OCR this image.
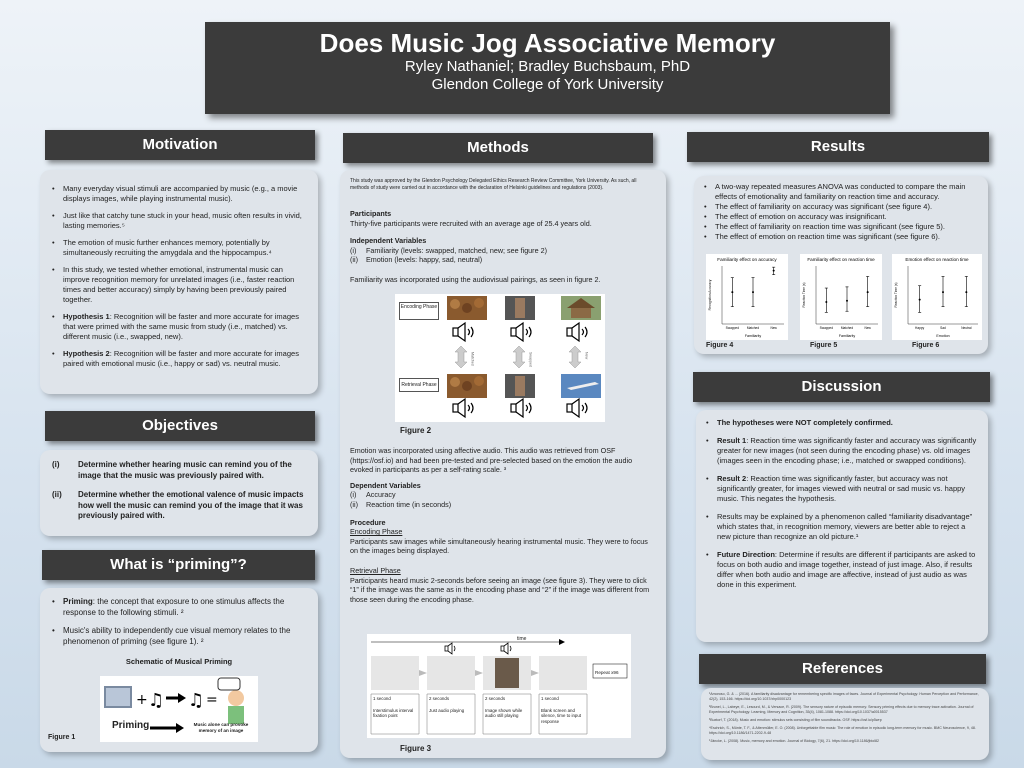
Does Music Jog Associative Memory
Ryley Nathaniel; Bradley Buchsbaum, PhD
Glendon College of York University
Motivation
• Many everyday visual stimuli are accompanied by music (e.g., a movie displays images, while playing instrumental music).
• Just like that catchy tune stuck in your head, music often results in vivid, lasting memories.⁵
• The emotion of music further enhances memory, potentially by simultaneously recruiting the amygdala and the hippocampus.⁴
• In this study, we tested whether emotional, instrumental music can improve recognition memory for unrelated images (i.e., faster reaction times and better accuracy) simply by having been previously paired together.
• Hypothesis 1: Recognition will be faster and more accurate for images that were primed with the same music from study (i.e., matched) vs. different music (i.e., swapped, new).
• Hypothesis 2: Recognition will be faster and more accurate for images paired with emotional music (i.e., happy or sad) vs. neutral music.
Objectives
(i)	Determine whether hearing music can remind you of the image that the music was previously paired with.
(ii)	Determine whether the emotional valence of music impacts how well the music can remind you of the image that it was previously paired with.
What is “priming”?
• Priming: the concept that exposure to one stimulus affects the response to the following stimuli. ²
• Music's ability to independently cue visual memory relates to the phenomenon of priming (see figure 1). ²
Schematic of Musical Priming
+ ♫ ♫ =
Priming	Music alone can provoke memory of an image
Figure 1
Methods

This study was approved by the Glendon Psychology Delegated Ethics Research Review Committee, York University. As such, all methods of study were carried out in accordance with the declaration of Helsinki guidelines and regulations (2003).

Participants

Thirty-five participants were recruited with an average age of 25.4 years old.

Independent Variables

(i)	Familiarity (levels: swapped, matched, new; see figure 2)
(ii)	Emotion (levels: happy, sad, neutral)

Familiarity was incorporated using the audiovisual pairings, as seen in figure 2.

Encoding Phase
Retrieval Phase
Matched	Swapped	New
Figure 2

Emotion was incorporated using affective audio. This audio was retrieved from OSF (https://osf.io) and had been pre-tested and pre-selected based on the emotion the audio evoked in participants as per a self-rating scale. ³

Dependent Variables
(i)	Accuracy
(ii)	Reaction time (in seconds)
Procedure
Encoding Phase

Participants saw images while simultaneously hearing instrumental music. They were to focus on the images being displayed.

Retrieval Phase

Participants heard music 2-seconds before seeing an image (see figure 3). They were to click “1” if the image was the same as in the encoding phase and “2” if the image was different from those seen during the encoding phase.

time
Repeat x96
1 second

Interstimulus interval fixation point
2 seconds

Just audio playing
2 seconds

Image shown while audio still playing
1 second

Blank screen and silence, time to input response
Figure 3
Results
• A two-way repeated measures ANOVA was conducted to compare the main effects of emotionality and familiarity on reaction time and accuracy.
• The effect of familiarity on accuracy was significant (see figure 4).
• The effect of emotion on accuracy was insignificant.
• The effect of familiarity on reaction time was significant (see figure 5).
• The effect of emotion on reaction time was significant (see figure 6).
Familiarity effect on accuracy
Recognition Accuracy
Familiarity
Swapped Matched	New
Familiarity effect on reaction time
Reaction Time (s)
Familiarity
Swapped Matched	New
Emotion effect on reaction time
Reaction Time (s)
Emotion
Happy	Sad	Neutral
Figure 4	Figure 5	Figure 6
Discussion
• The hypotheses were NOT completely confirmed.
• Result 1: Reaction time was significantly faster and accuracy was significantly greater for new images (not seen during the encoding phase) vs. old images (images seen in the encoding phase; i.e., matched or swapped conditions).
• Result 2: Reaction time was significantly faster, but accuracy was not significantly greater, for images viewed with neutral or sad music vs. happy music. This negates the hypothesis.
• Results may be explained by a phenomenon called “familiarity disadvantage” which states that, in recognition memory, viewers are better able to reject a new picture than recognize an old picture.¹
• Future Direction: Determine if results are different if participants are asked to focus on both audio and image together, instead of just image. Also, if results differ when both audio and image are affective, instead of just audio as was done in this experiment.
References

¹Amoroso, G. & ... (2016). A familiarity disadvantage for remembering specific images of faces. Journal of Experimental Psychology: Human Perception and Performance, 42(2), 153-166. https://doi.org/10.1037/xhp0000123

²Brunel, L., Labeye, E., Lesourd, M., & Versace, R. (2009). The sensory nature of episodic memory: Sensory priming effects due to memory trace activation. Journal of Experimental Psychology: Learning, Memory and Cognition, 35(4), 1081-1088. https://doi.org/10.1037/a0015537

³Buxtorf, T. (2018). Music and emotion: stimulus sets consisting of film soundtracks. OSF. https://osf.io/p5wrp

⁴Eschrich, S., Münte, T. F., & Altenmüller, E. O. (2008). Unforgettable film music: The role of emotion in episodic long-term memory for music. BMC Neuroscience, 9, 48. https://doi.org/10.1186/1471-2202-9-48

⁵Jäncke, L. (2008). Music, memory and emotion. Journal of Biology, 7(6), 21. https://doi.org/10.1186/jbiol82
